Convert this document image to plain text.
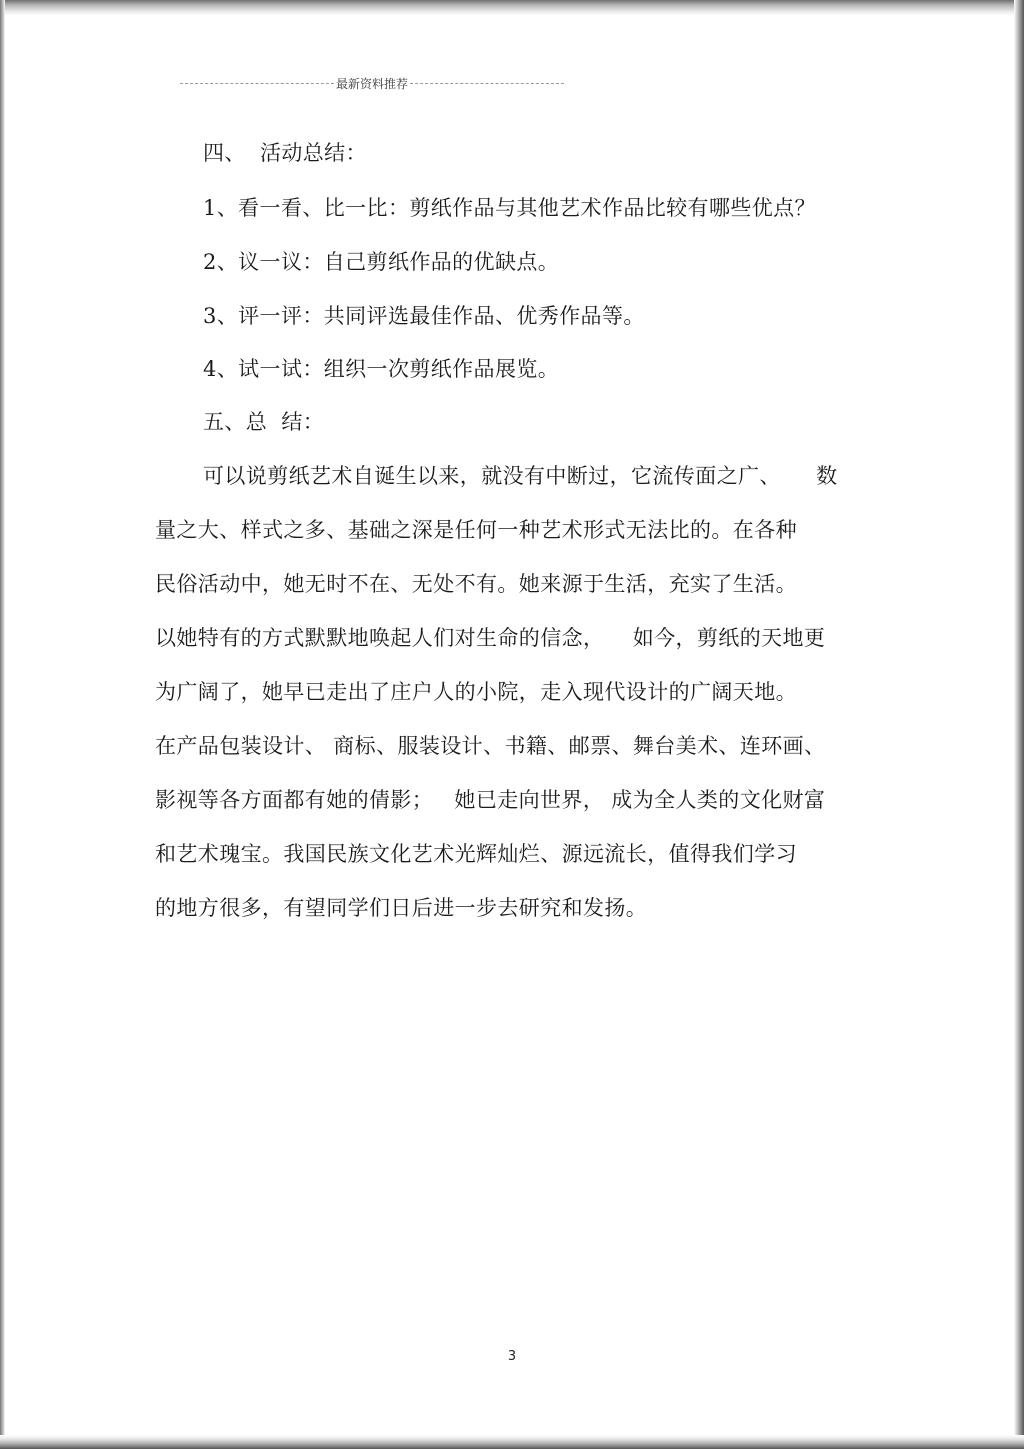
最新资料推荐
四、  活动总结：
1、看一看、比一比：剪纸作品与其他艺术作品比较有哪些优点？
2、议一议：自己剪纸作品的优缺点。
3、评一评：共同评选最佳作品、优秀作品等。
4、试一试：组织一次剪纸作品展览。
五、总  结：
可以说剪纸艺术自诞生以来，就没有中断过，它流传面之广、     数
量之大、样式之多、基础之深是任何一种艺术形式无法比的。在各种
民俗活动中，她无时不在、无处不有。她来源于生活，充实了生活。
以她特有的方式默默地唤起人们对生命的信念，    如今，剪纸的天地更
为广阔了，她早已走出了庄户人的小院，走入现代设计的广阔天地。
在产品包装设计、 商标、服装设计、书籍、邮票、舞台美术、连环画、
影视等各方面都有她的倩影；   她已走向世界， 成为全人类的文化财富
和艺术瑰宝。我国民族文化艺术光辉灿烂、源远流长，值得我们学习
的地方很多，有望同学们日后进一步去研究和发扬。
3
